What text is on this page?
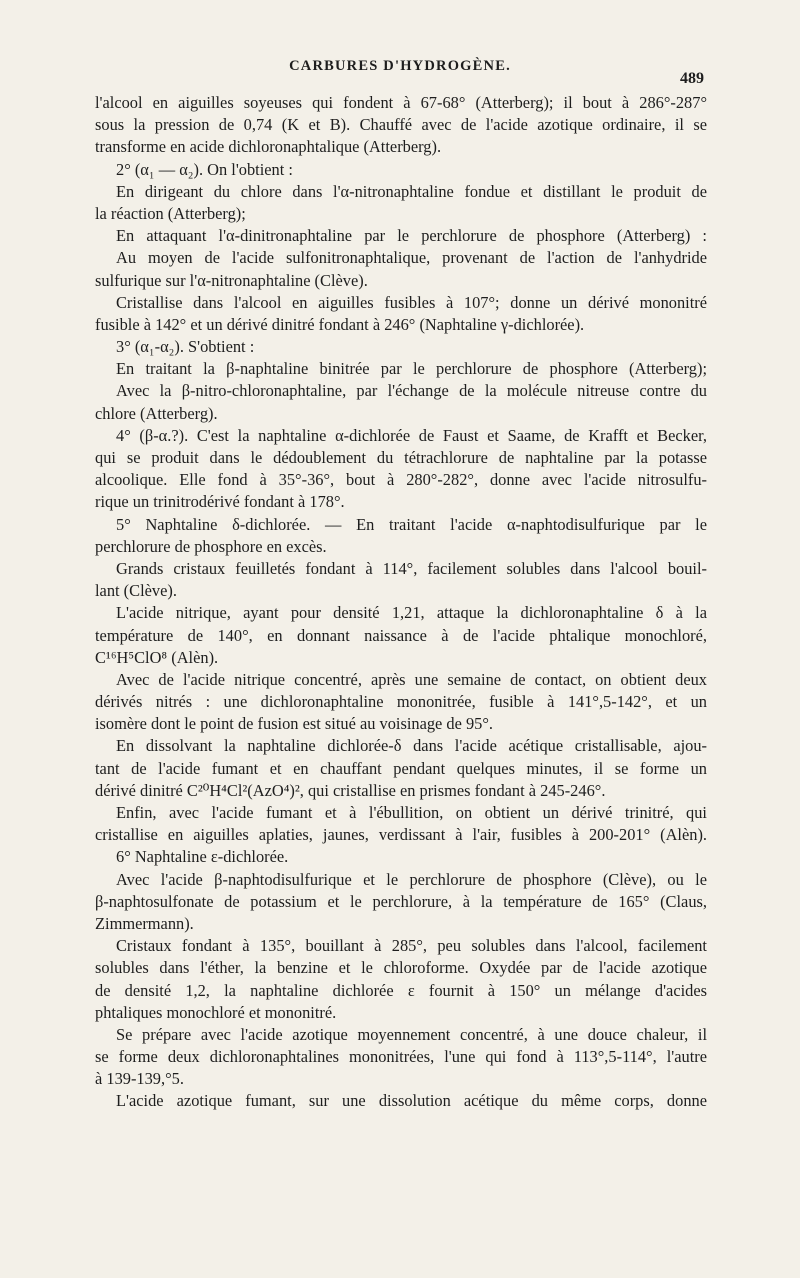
CARBURES D'HYDROGÈNE.
489
l'alcool en aiguilles soyeuses qui fondent à 67-68° (Atterberg); il bout à 286°-287°
sous la pression de 0,74 (K et B). Chauffé avec de l'acide azotique ordinaire, il se
transforme en acide dichloronaphtalique (Atterberg).
2° (α₁ — α₂). On l'obtient :
En dirigeant du chlore dans l'α-nitronaphtaline fondue et distillant le produit de
la réaction (Atterberg);
En attaquant l'α-dinitronaphtaline par le perchlorure de phosphore (Atterberg) :
Au moyen de l'acide sulfonitronaphtalique, provenant de l'action de l'anhydride
sulfurique sur l'α-nitronaphtaline (Clève).
Cristallise dans l'alcool en aiguilles fusibles à 107°; donne un dérivé mononitré
fusible à 142° et un dérivé dinitré fondant à 246° (Naphtaline γ-dichlorée).
3° (α₁-α₂). S'obtient :
En traitant la β-naphtaline binitrée par le perchlorure de phosphore (Atterberg);
Avec la β-nitro-chloronaphtaline, par l'échange de la molécule nitreuse contre du
chlore (Atterberg).
4° (β-α.?). C'est la naphtaline α-dichlorée de Faust et Saame, de Krafft et Becker,
qui se produit dans le dédoublement du tétrachlorure de naphtaline par la potasse
alcoolique. Elle fond à 35°-36°, bout à 280°-282°, donne avec l'acide nitrosulfu-
rique un trinitrodérivé fondant à 178°.
5° Naphtaline δ-dichlorée. — En traitant l'acide α-naphtodisulfurique par le
perchlorure de phosphore en excès.
Grands cristaux feuilletés fondant à 114°, facilement solubles dans l'alcool bouil-
lant (Clève).
L'acide nitrique, ayant pour densité 1,21, attaque la dichloronaphtaline δ à la
température de 140°, en donnant naissance à de l'acide phtalique monochloré,
C¹⁶H⁵ClO⁸ (Alèn).
Avec de l'acide nitrique concentré, après une semaine de contact, on obtient deux
dérivés nitrés : une dichloronaphtaline mononitrée, fusible à 141°,5-142°, et un
isomère dont le point de fusion est situé au voisinage de 95°.
En dissolvant la naphtaline dichlorée-δ dans l'acide acétique cristallisable, ajou-
tant de l'acide fumant et en chauffant pendant quelques minutes, il se forme un
dérivé dinitré C²⁰H⁴Cl²(AzO⁴)², qui cristallise en prismes fondant à 245-246°.
Enfin, avec l'acide fumant et à l'ébullition, on obtient un dérivé trinitré, qui
cristallise en aiguilles aplaties, jaunes, verdissant à l'air, fusibles à 200-201° (Alèn).
6° Naphtaline ε-dichlorée.
Avec l'acide β-naphtodisulfurique et le perchlorure de phosphore (Clève), ou le
β-naphtosulfonate de potassium et le perchlorure, à la température de 165° (Claus,
Zimmermann).
Cristaux fondant à 135°, bouillant à 285°, peu solubles dans l'alcool, facilement
solubles dans l'éther, la benzine et le chloroforme. Oxydée par de l'acide azotique
de densité 1,2, la naphtaline dichlorée ε fournit à 150° un mélange d'acides
phtaliques monochloré et mononitré.
Se prépare avec l'acide azotique moyennement concentré, à une douce chaleur, il
se forme deux dichloronaphtalines mononitrées, l'une qui fond à 113°,5-114°, l'autre
à 139-139,°5.
L'acide azotique fumant, sur une dissolution acétique du même corps, donne
